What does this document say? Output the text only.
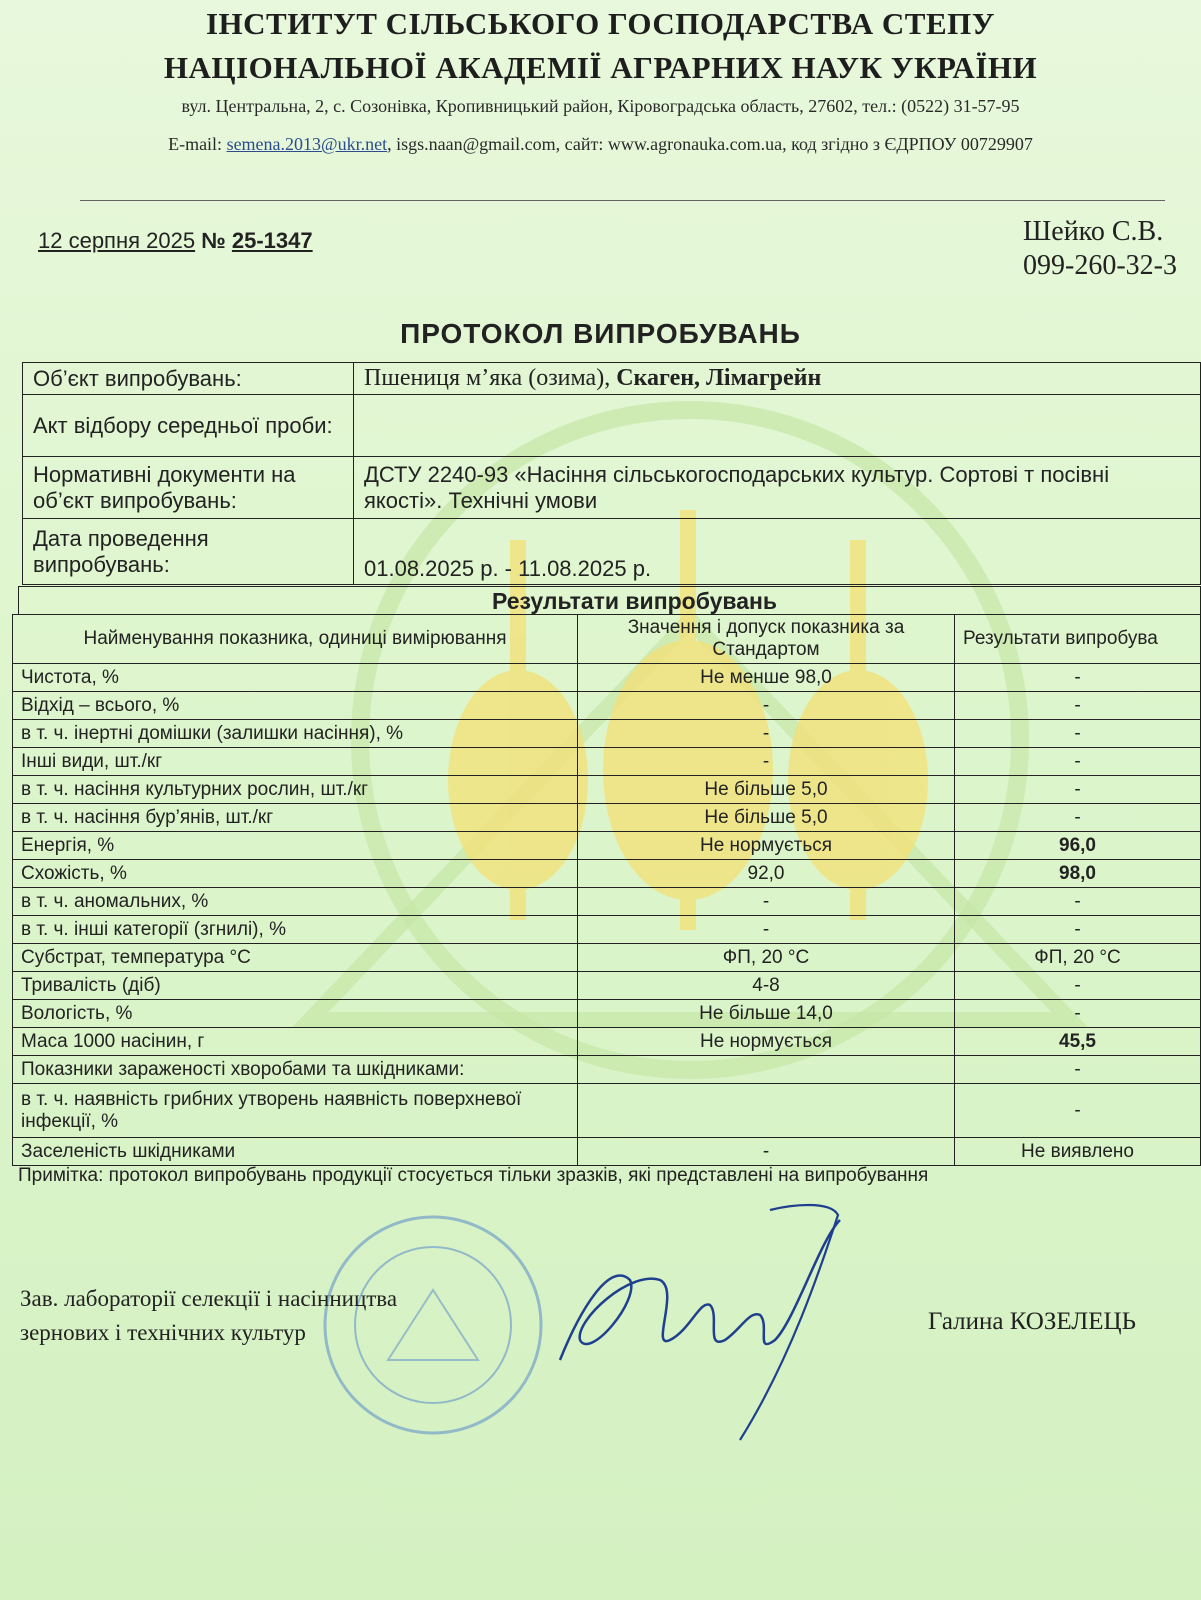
ІНСТИТУТ СІЛЬСЬКОГО ГОСПОДАРСТВА СТЕПУ
НАЦІОНАЛЬНОЇ АКАДЕМІЇ АГРАРНИХ НАУК УКРАЇНИ
вул. Центральна, 2, с. Созонівка, Кропивницький район, Кіровоградська область, 27602, тел.: (0522) 31-57-95
E-mail: semena.2013@ukr.net, isgs.naan@gmail.com, сайт: www.agronauka.com.ua, код згідно з ЄДРПОУ 00729907
12 серпня 2025 № 25-1347	Шейко С.В.
099-260-32-3
ПРОТОКОЛ ВИПРОБУВАНЬ
Об’єкт випробувань:	Пшениця м’яка (озима), Скаген, Лімагрейн
Акт відбору середньої проби:	
Нормативні документи на об’єкт випробувань:	ДСТУ 2240-93 «Насіння сільськогосподарських культур. Сортові т посівні якості». Технічні умови
Дата проведення випробувань:	01.08.2025 р. - 11.08.2025 р.
Результати випробувань
Найменування показника, одиниці вимірювання	Значення і допуск показника за Стандартом	Результати випробува
Чистота, %	Не менше 98,0	-
Відхід – всього, %	-	-
в т. ч. інертні домішки (залишки насіння), %	-	-
Інші види, шт./кг	-	-
в т. ч. насіння культурних рослин, шт./кг	Не більше 5,0	-
в т. ч. насіння бур’янів, шт./кг	Не більше 5,0	-
Енергія, %	Не нормується	96,0
Схожість, %	92,0	98,0
в т. ч. аномальних, %	-	-
в т. ч. інші категорії (згнилі), %	-	-
Субстрат, температура °С	ФП, 20 °С	ФП, 20 °С
Тривалість (діб)	4-8	-
Вологість, %	Не більше 14,0	-
Маса 1000 насінин, г	Не нормується	45,5
Показники зараженості хворобами та шкідниками:		-
в т. ч. наявність грибних утворень наявність поверхневої інфекції, %		-
Заселеність шкідниками	-	Не виявлено
Примітка: протокол випробувань продукції стосується тільки зразків, які представлені на випробування
Зав. лабораторії селекції і насінництва
зернових і технічних культур	Галина КОЗЕЛЕЦЬ
